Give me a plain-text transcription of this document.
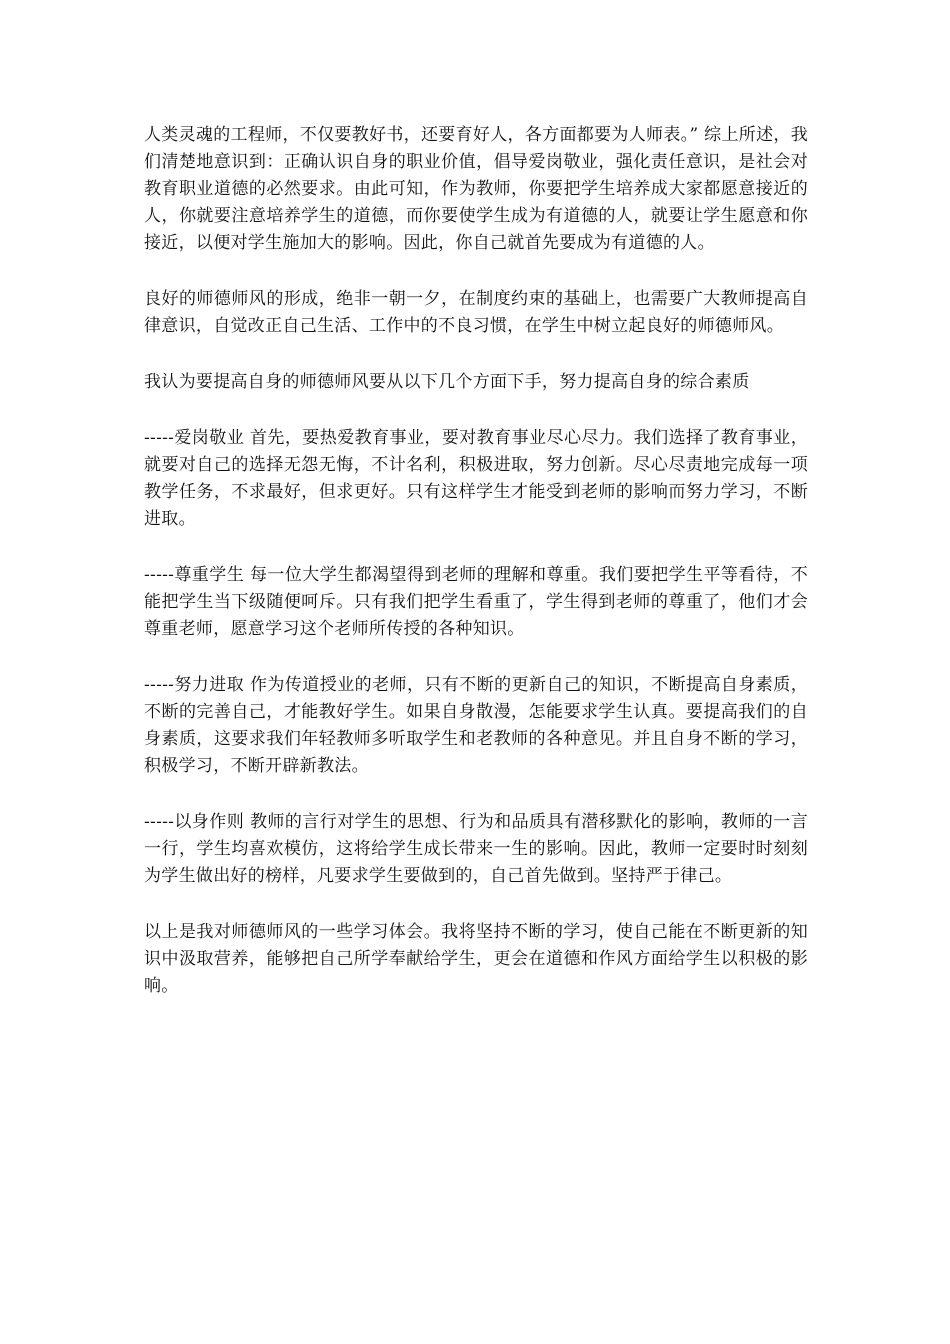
人类灵魂的工程师，不仅要教好书，还要育好人，各方面都要为人师表。” 综上所述，我们清楚地意识到：正确认识自身的职业价值，倡导爱岗敬业，强化责任意识，是社会对教育职业道德的必然要求。由此可知，作为教师，你要把学生培养成大家都愿意接近的人，你就要注意培养学生的道德，而你要使学生成为有道德的人，就要让学生愿意和你接近，以便对学生施加大的影响。因此，你自己就首先要成为有道德的人。

良好的师德师风的形成，绝非一朝一夕，在制度约束的基础上，也需要广大教师提高自律意识，自觉改正自己生活、工作中的不良习惯，在学生中树立起良好的师德师风。

我认为要提高自身的师德师风要从以下几个方面下手，努力提高自身的综合素质

-----爱岗敬业 首先，要热爱教育事业，要对教育事业尽心尽力。我们选择了教育事业，就要对自己的选择无怨无悔，不计名利，积极进取，努力创新。尽心尽责地完成每一项教学任务，不求最好，但求更好。只有这样学生才能受到老师的影响而努力学习，不断进取。

-----尊重学生 每一位大学生都渴望得到老师的理解和尊重。我们要把学生平等看待，不能把学生当下级随便呵斥。只有我们把学生看重了，学生得到老师的尊重了，他们才会尊重老师，愿意学习这个老师所传授的各种知识。

-----努力进取 作为传道授业的老师，只有不断的更新自己的知识，不断提高自身素质，不断的完善自己，才能教好学生。如果自身散漫，怎能要求学生认真。要提高我们的自身素质，这要求我们年轻教师多听取学生和老教师的各种意见。并且自身不断的学习，积极学习，不断开辟新教法。

-----以身作则 教师的言行对学生的思想、行为和品质具有潜移默化的影响，教师的一言一行，学生均喜欢模仿，这将给学生成长带来一生的影响。因此，教师一定要时时刻刻为学生做出好的榜样，凡要求学生要做到的，自己首先做到。坚持严于律己。

以上是我对师德师风的一些学习体会。我将坚持不断的学习，使自己能在不断更新的知识中汲取营养，能够把自己所学奉献给学生，更会在道德和作风方面给学生以积极的影响。
